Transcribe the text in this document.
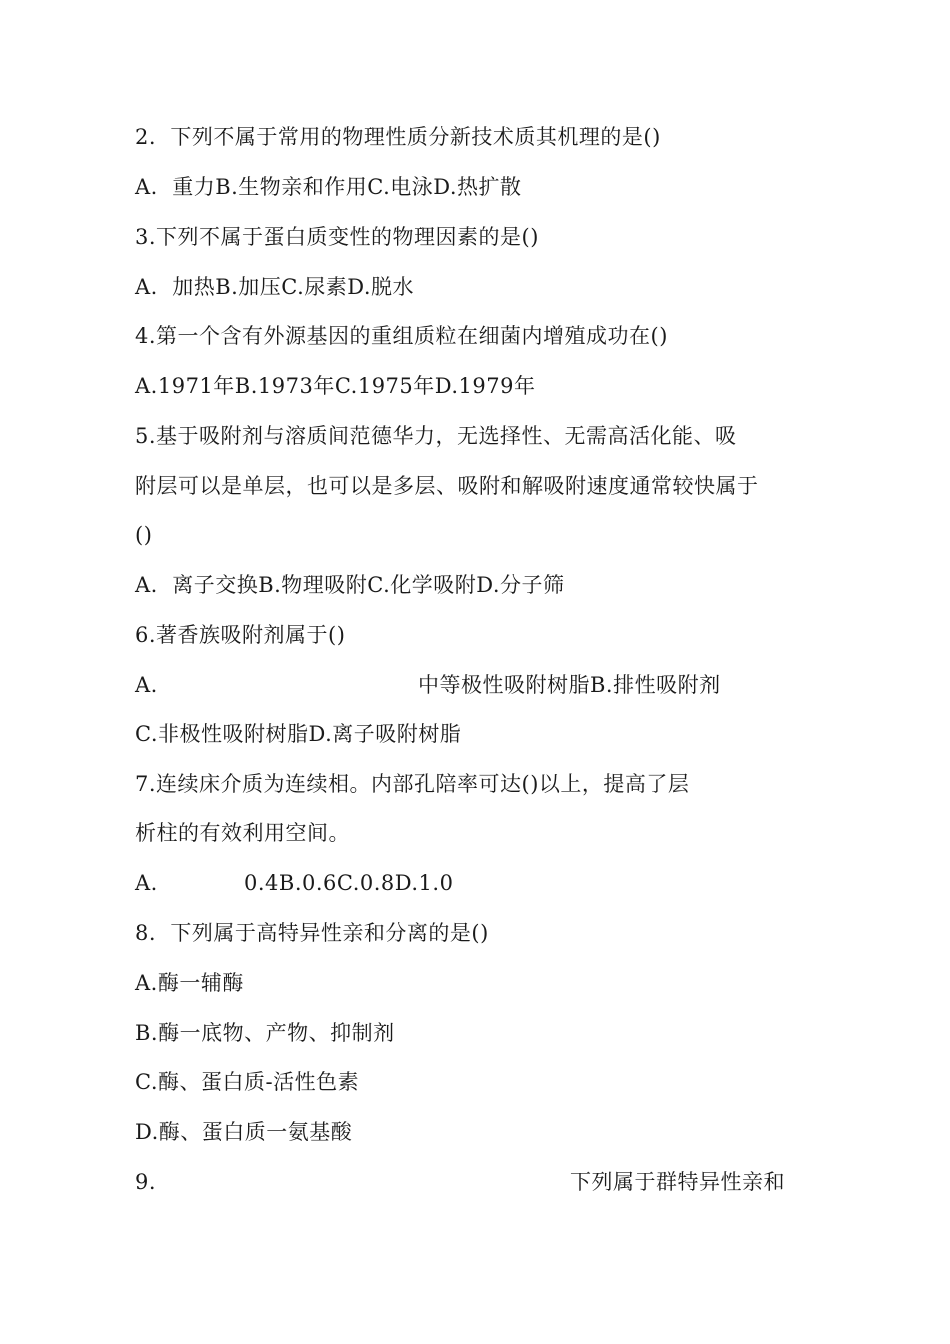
2.  下列不属于常用的物理性质分新技术质其机理的是()
A.  重力B.生物亲和作用C.电泳D.热扩散
3.下列不属于蛋白质变性的物理因素的是()
A.  加热B.加压C.尿素D.脱水
4.第一个含有外源基因的重组质粒在细菌内增殖成功在()
A.1971年B.1973年C.1975年D.1979年
5.基于吸附剂与溶质间范德华力，无选择性、无需高活化能、吸
附层可以是单层，也可以是多层、吸附和解吸附速度通常较快属于
()
A.  离子交换B.物理吸附C.化学吸附D.分子筛
6.著香族吸附剂属于()
A.	中等极性吸附树脂B.排性吸附剂
C.非极性吸附树脂D.离子吸附树脂
7.连续床介质为连续相。内部孔陪率可达()以上，提高了层
析柱的有效利用空间。
A.	0.4B.0.6C.0.8D.1.0
8.  下列属于高特异性亲和分离的是()
A.酶一辅酶
B.酶一底物、产物、抑制剂
C.酶、蛋白质-活性色素
D.酶、蛋白质一氨基酸
9.	下列属于群特异性亲和
